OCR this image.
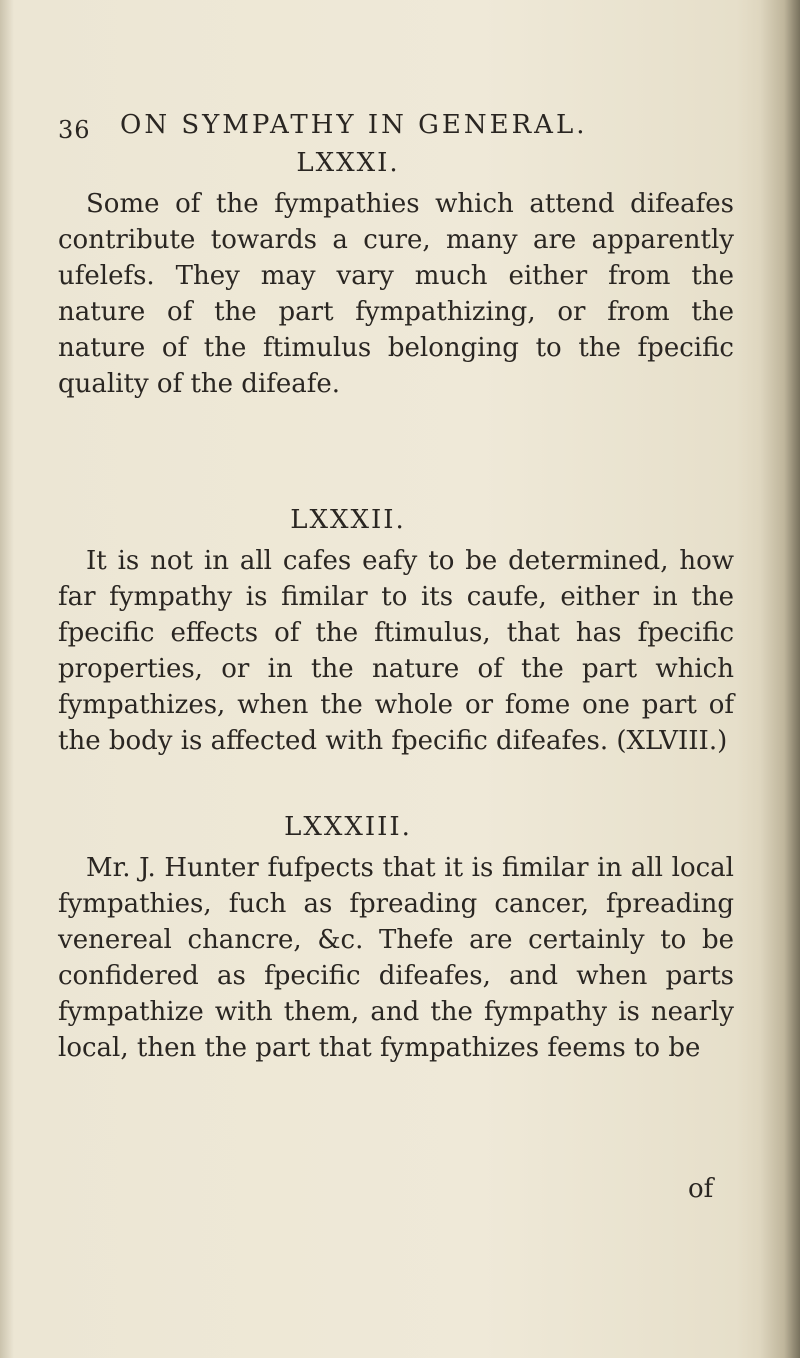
36 ON SYMPATHY IN GENERAL.
LXXXI.

Some of the fympathies which attend difeafes contribute towards a cure, many are apparently ufelefs. They may vary much either from the nature of the part fympathizing, or from the nature of the ftimulus belonging to the fpecific quality of the difeafe.

LXXXII.

It is not in all cafes eafy to be determined, how far fympathy is fimilar to its caufe, either in the fpecific effects of the ftimulus, that has fpecific properties, or in the nature of the part which fympathizes, when the whole or fome one part of the body is affected with fpecific difeafes. (XLVIII.)

LXXXIII.

Mr. J. Hunter fufpects that it is fimilar in all local fympathies, fuch as fpreading cancer, fpreading venereal chancre, &c. Thefe are certainly to be confidered as fpecific difeafes, and when parts fympathize with them, and the fympathy is nearly local, then the part that fympathizes feems to be

of
